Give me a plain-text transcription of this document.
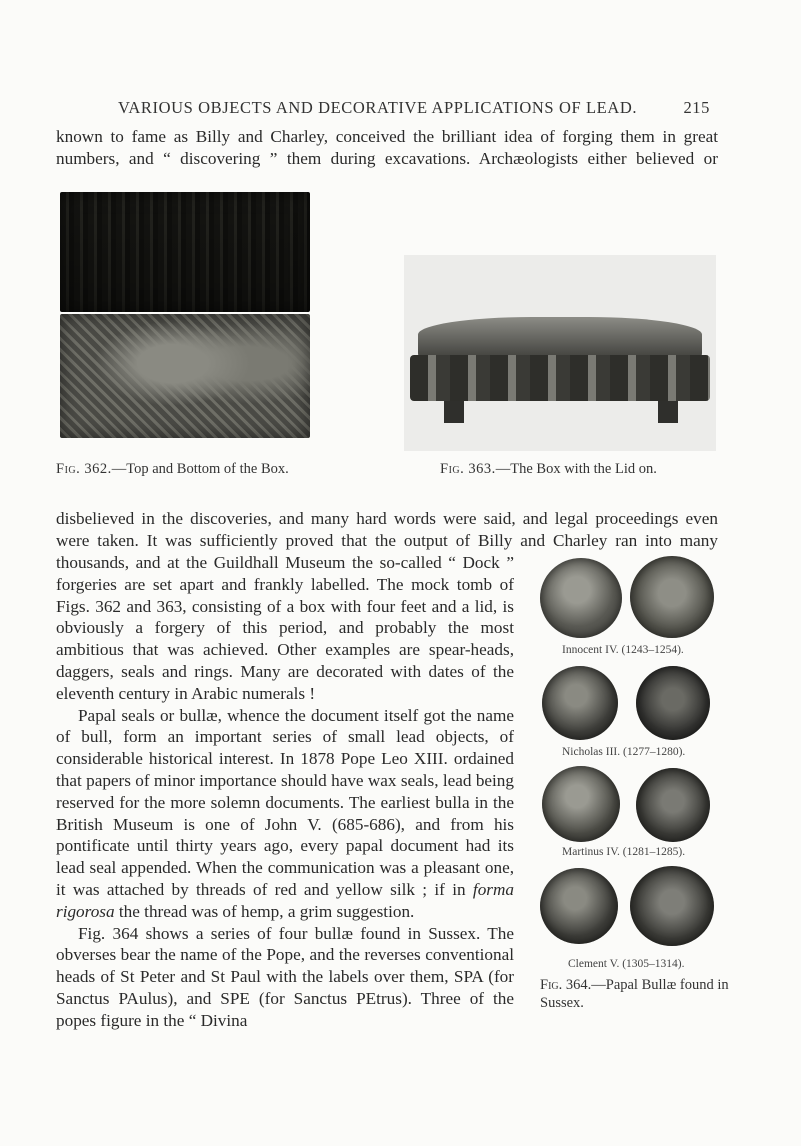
VARIOUS OBJECTS AND DECORATIVE APPLICATIONS OF LEAD.	215

known to fame as Billy and Charley, conceived the brilliant idea of forging them in great numbers, and “ discovering ” them during excavations. Archæologists either believed or

Fig. 362.—Top and Bottom of the Box.	Fig. 363.—The Box with the Lid on.

disbelieved in the discoveries, and many hard words were said, and legal proceedings even were taken. It was sufficiently proved that the output of Billy and Charley ran into many

thousands, and at the Guildhall Museum the so-called “ Dock ” forgeries are set apart and frankly labelled. The mock tomb of Figs. 362 and 363, consisting of a box with four feet and a lid, is obviously a forgery of this period, and probably the most ambitious that was achieved. Other examples are spear-heads, daggers, seals and rings. Many are decorated with dates of the eleventh century in Arabic numerals !

Papal seals or bullæ, whence the document itself got the name of bull, form an important series of small lead objects, of considerable historical interest. In 1878 Pope Leo XIII. ordained that papers of minor importance should have wax seals, lead being reserved for the more solemn documents. The earliest bulla in the British Museum is one of John V. (685-686), and from his pontificate until thirty years ago, every papal document had its lead seal appended. When the communication was a pleasant one, it was attached by threads of red and yellow silk ; if in forma rigorosa the thread was of hemp, a grim suggestion.

Fig. 364 shows a series of four bullæ found in Sussex. The obverses bear the name of the Pope, and the reverses conventional heads of St Peter and St Paul with the labels over them, SPA (for Sanctus PAulus), and SPE (for Sanctus PEtrus). Three of the popes figure in the “ Divina

Innocent IV. (1243–1254).
Nicholas III. (1277–1280).
Martinus IV. (1281–1285).
Clement V. (1305–1314).
Fig. 364.—Papal Bullæ found in Sussex.
